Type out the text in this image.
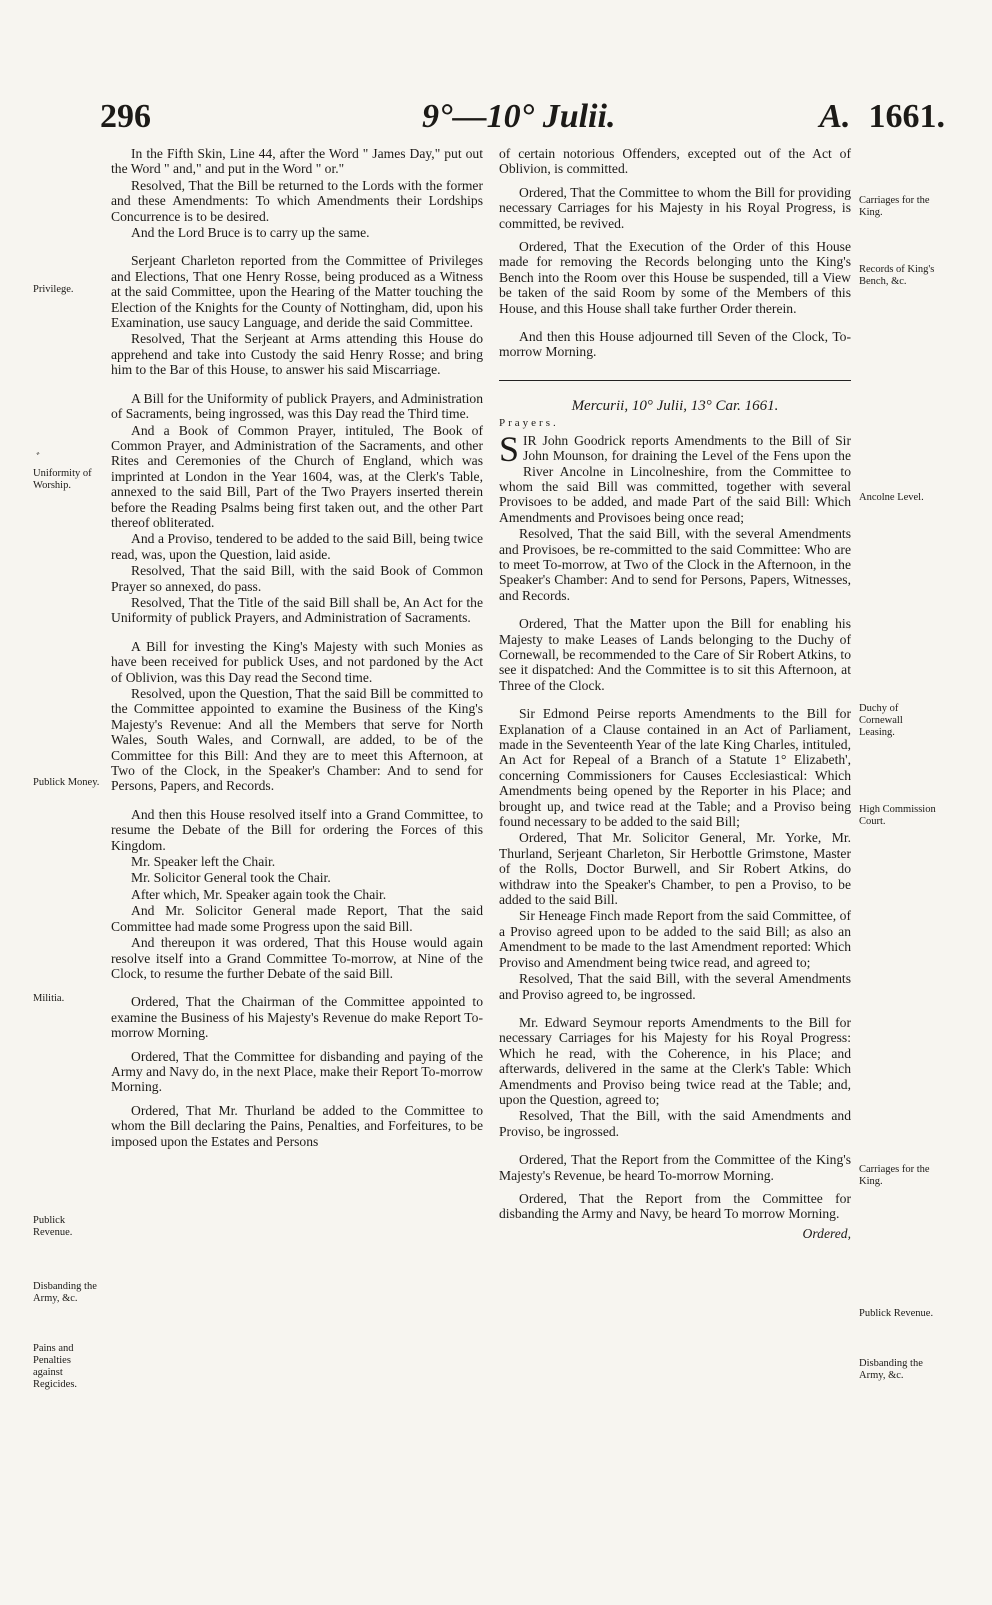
296	9°—10° Julii.	A. 1661.
Privilege.
ﾞ
Uniformity of Worship.
Publick Money.
Militia.
Publick Revenue.
Disbanding the Army, &c.
Pains and Penalties against Regicides.
Carriages for the King.
Records of King's Bench, &c.
Ancolne Level.
Duchy of Cornewall Leasing.
High Commission Court.
Carriages for the King.
Publick Revenue.
Disbanding the Army, &c.

In the Fifth Skin, Line 44, after the Word " James Day," put out the Word " and," and put in the Word " or."

Resolved, That the Bill be returned to the Lords with the former and these Amendments: To which Amendments their Lordships Concurrence is to be desired.

And the Lord Bruce is to carry up the same.

Serjeant Charleton reported from the Committee of Privileges and Elections, That one Henry Rosse, being produced as a Witness at the said Committee, upon the Hearing of the Matter touching the Election of the Knights for the County of Nottingham, did, upon his Examination, use saucy Language, and deride the said Committee.

Resolved, That the Serjeant at Arms attending this House do apprehend and take into Custody the said Henry Rosse; and bring him to the Bar of this House, to answer his said Miscarriage.

A Bill for the Uniformity of publick Prayers, and Administration of Sacraments, being ingrossed, was this Day read the Third time.

And a Book of Common Prayer, intituled, The Book of Common Prayer, and Administration of the Sacraments, and other Rites and Ceremonies of the Church of England, which was imprinted at London in the Year 1604, was, at the Clerk's Table, annexed to the said Bill, Part of the Two Prayers inserted therein before the Reading Psalms being first taken out, and the other Part thereof obliterated.

And a Proviso, tendered to be added to the said Bill, being twice read, was, upon the Question, laid aside.

Resolved, That the said Bill, with the said Book of Common Prayer so annexed, do pass.

Resolved, That the Title of the said Bill shall be, An Act for the Uniformity of publick Prayers, and Administration of Sacraments.

A Bill for investing the King's Majesty with such Monies as have been received for publick Uses, and not pardoned by the Act of Oblivion, was this Day read the Second time.

Resolved, upon the Question, That the said Bill be committed to the Committee appointed to examine the Business of the King's Majesty's Revenue: And all the Members that serve for North Wales, South Wales, and Cornwall, are added, to be of the Committee for this Bill: And they are to meet this Afternoon, at Two of the Clock, in the Speaker's Chamber: And to send for Persons, Papers, and Records.

And then this House resolved itself into a Grand Committee, to resume the Debate of the Bill for ordering the Forces of this Kingdom.

Mr. Speaker left the Chair.

Mr. Solicitor General took the Chair.

After which, Mr. Speaker again took the Chair.

And Mr. Solicitor General made Report, That the said Committee had made some Progress upon the said Bill.

And thereupon it was ordered, That this House would again resolve itself into a Grand Committee To-morrow, at Nine of the Clock, to resume the further Debate of the said Bill.

Ordered, That the Chairman of the Committee appointed to examine the Business of his Majesty's Revenue do make Report To-morrow Morning.

Ordered, That the Committee for disbanding and paying of the Army and Navy do, in the next Place, make their Report To-morrow Morning.

Ordered, That Mr. Thurland be added to the Committee to whom the Bill declaring the Pains, Penalties, and Forfeitures, to be imposed upon the Estates and Persons

of certain notorious Offenders, excepted out of the Act of Oblivion, is committed.

Ordered, That the Committee to whom the Bill for providing necessary Carriages for his Majesty in his Royal Progress, is committed, be revived.

Ordered, That the Execution of the Order of this House made for removing the Records belonging unto the King's Bench into the Room over this House be suspended, till a View be taken of the said Room by some of the Members of this House, and this House shall take further Order therein.

And then this House adjourned till Seven of the Clock, To-morrow Morning.

Mercurii, 10° Julii, 13° Car. 1661.

Prayers.

SIR John Goodrick reports Amendments to the Bill of Sir John Mounson, for draining the Level of the Fens upon the River Ancolne in Lincolneshire, from the Committee to whom the said Bill was committed, together with several Provisoes to be added, and made Part of the said Bill: Which Amendments and Provisoes being once read;

Resolved, That the said Bill, with the several Amendments and Provisoes, be re-committed to the said Committee: Who are to meet To-morrow, at Two of the Clock in the Afternoon, in the Speaker's Chamber: And to send for Persons, Papers, Witnesses, and Records.

Ordered, That the Matter upon the Bill for enabling his Majesty to make Leases of Lands belonging to the Duchy of Cornewall, be recommended to the Care of Sir Robert Atkins, to see it dispatched: And the Committee is to sit this Afternoon, at Three of the Clock.

Sir Edmond Peirse reports Amendments to the Bill for Explanation of a Clause contained in an Act of Parliament, made in the Seventeenth Year of the late King Charles, intituled, An Act for Repeal of a Branch of a Statute 1° Elizabeth', concerning Commissioners for Causes Ecclesiastical: Which Amendments being opened by the Reporter in his Place; and brought up, and twice read at the Table; and a Proviso being found necessary to be added to the said Bill;

Ordered, That Mr. Solicitor General, Mr. Yorke, Mr. Thurland, Serjeant Charleton, Sir Herbottle Grimstone, Master of the Rolls, Doctor Burwell, and Sir Robert Atkins, do withdraw into the Speaker's Chamber, to pen a Proviso, to be added to the said Bill.

Sir Heneage Finch made Report from the said Committee, of a Proviso agreed upon to be added to the said Bill; as also an Amendment to be made to the last Amendment reported: Which Proviso and Amendment being twice read, and agreed to;

Resolved, That the said Bill, with the several Amendments and Proviso agreed to, be ingrossed.

Mr. Edward Seymour reports Amendments to the Bill for necessary Carriages for his Majesty for his Royal Progress: Which he read, with the Coherence, in his Place; and afterwards, delivered in the same at the Clerk's Table: Which Amendments and Proviso being twice read at the Table; and, upon the Question, agreed to;

Resolved, That the Bill, with the said Amendments and Proviso, be ingrossed.

Ordered, That the Report from the Committee of the King's Majesty's Revenue, be heard To-morrow Morning.

Ordered, That the Report from the Committee for disbanding the Army and Navy, be heard To morrow Morning.

Ordered,
